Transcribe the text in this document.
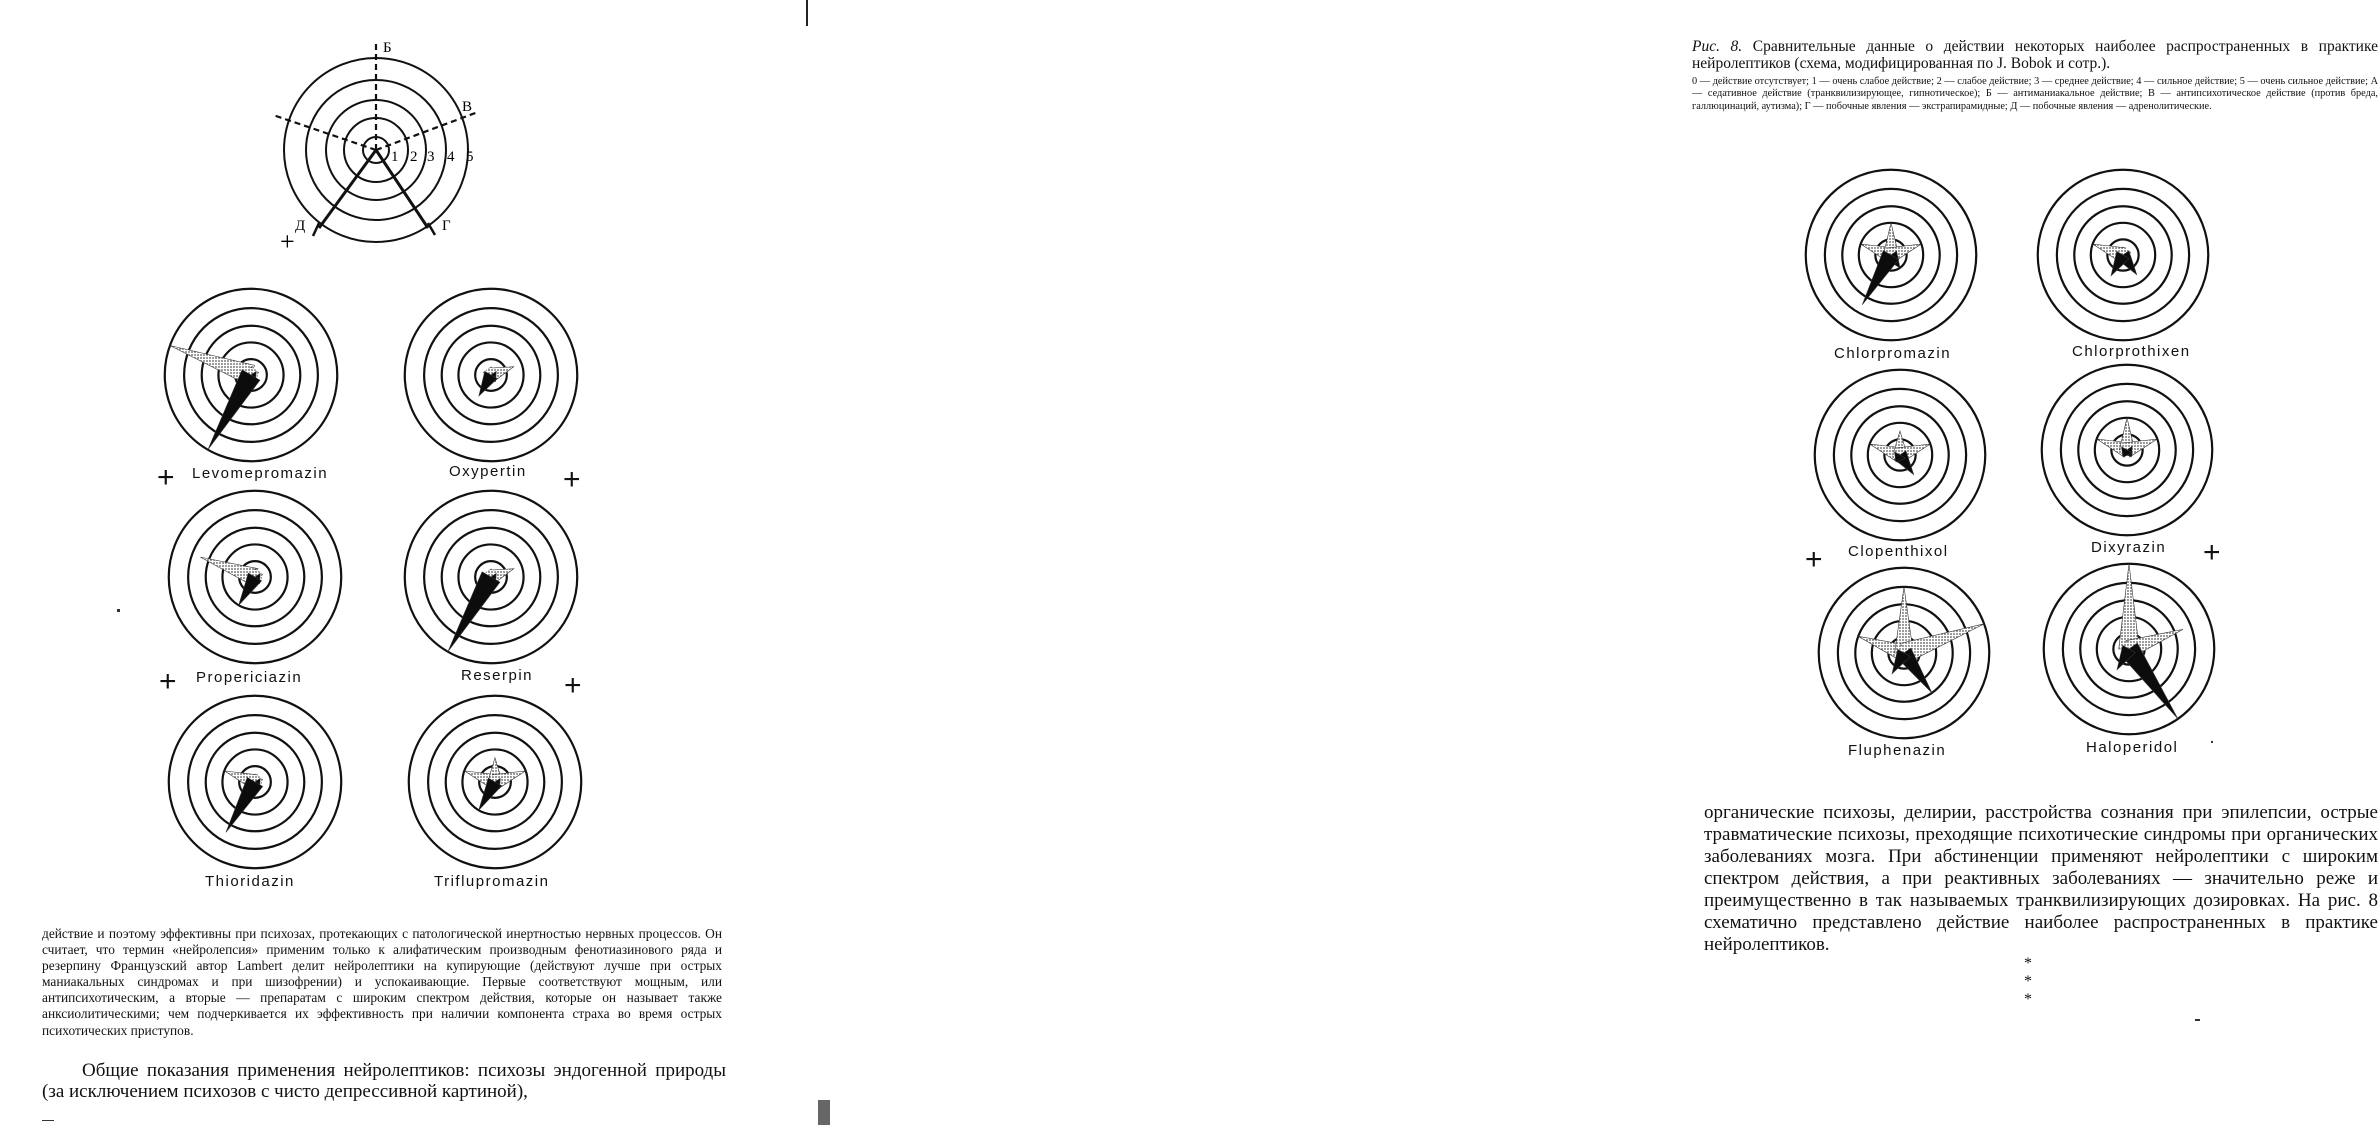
Б
В
Г
Д
+
1 2 3 4 5
Levomepromazin
+	Oxypertin +
Propericiazin
+	Reserpin +
Thioridazin	Triflupromazin

действие и поэтому эффективны при психозах, протекающих с патологической инертностью нервных процессов. Он считает, что термин «нейролепсия» применим только к алифатическим производным фенотиазинового ряда и резерпину Французский автор Lambert делит нейролептики на купирующие (действуют лучше при острых маниакальных синдромах и при шизофрении) и успокаивающие. Первые соответствуют мощным, или антипсихотическим, а вторые — препаратам с широким спектром действия, которые он называет также анксиолитическими; чем подчеркивается их эффективность при наличии компонента страха во время острых психотических приступов.

Общие показания применения нейролептиков: психозы эндогенной природы (за исключением психозов с чисто депрессивной картиной),

Рис. 8. Сравнительные данные о действии некоторых наиболее распространенных в практике нейролептиков (схема, модифицированная по J. Bobok и сотр.).

0 — действие отсутствует; 1 — очень слабое действие; 2 — слабое действие; 3 — среднее действие; 4 — сильное действие; 5 — очень сильное действие; А — седативное действие (транквилизирующее, гипнотическое); Б — антиманиакальное действие; В — антипсихотическое действие (против бреда, галлюцинаций, аутизма); Г — побочные явления — экстрапирамидные; Д — побочные явления — адренолитические.

Chlorpromazin	Chlorprothixen
Clopenthixol
+	Dixyrazin +
Fluphenazin	Haloperidol

органические психозы, делирии, расстройства сознания при эпилепсии, острые травматические психозы, преходящие психотические синдромы при органических заболеваниях мозга. При абстиненции применяют нейролептики с широким спектром действия, а при реактивных заболеваниях — значительно реже и преимущественно в так называемых транквилизирующих дозировках. На рис. 8 схематично представлено действие наиболее распространенных в практике нейролептиков.

* * *
